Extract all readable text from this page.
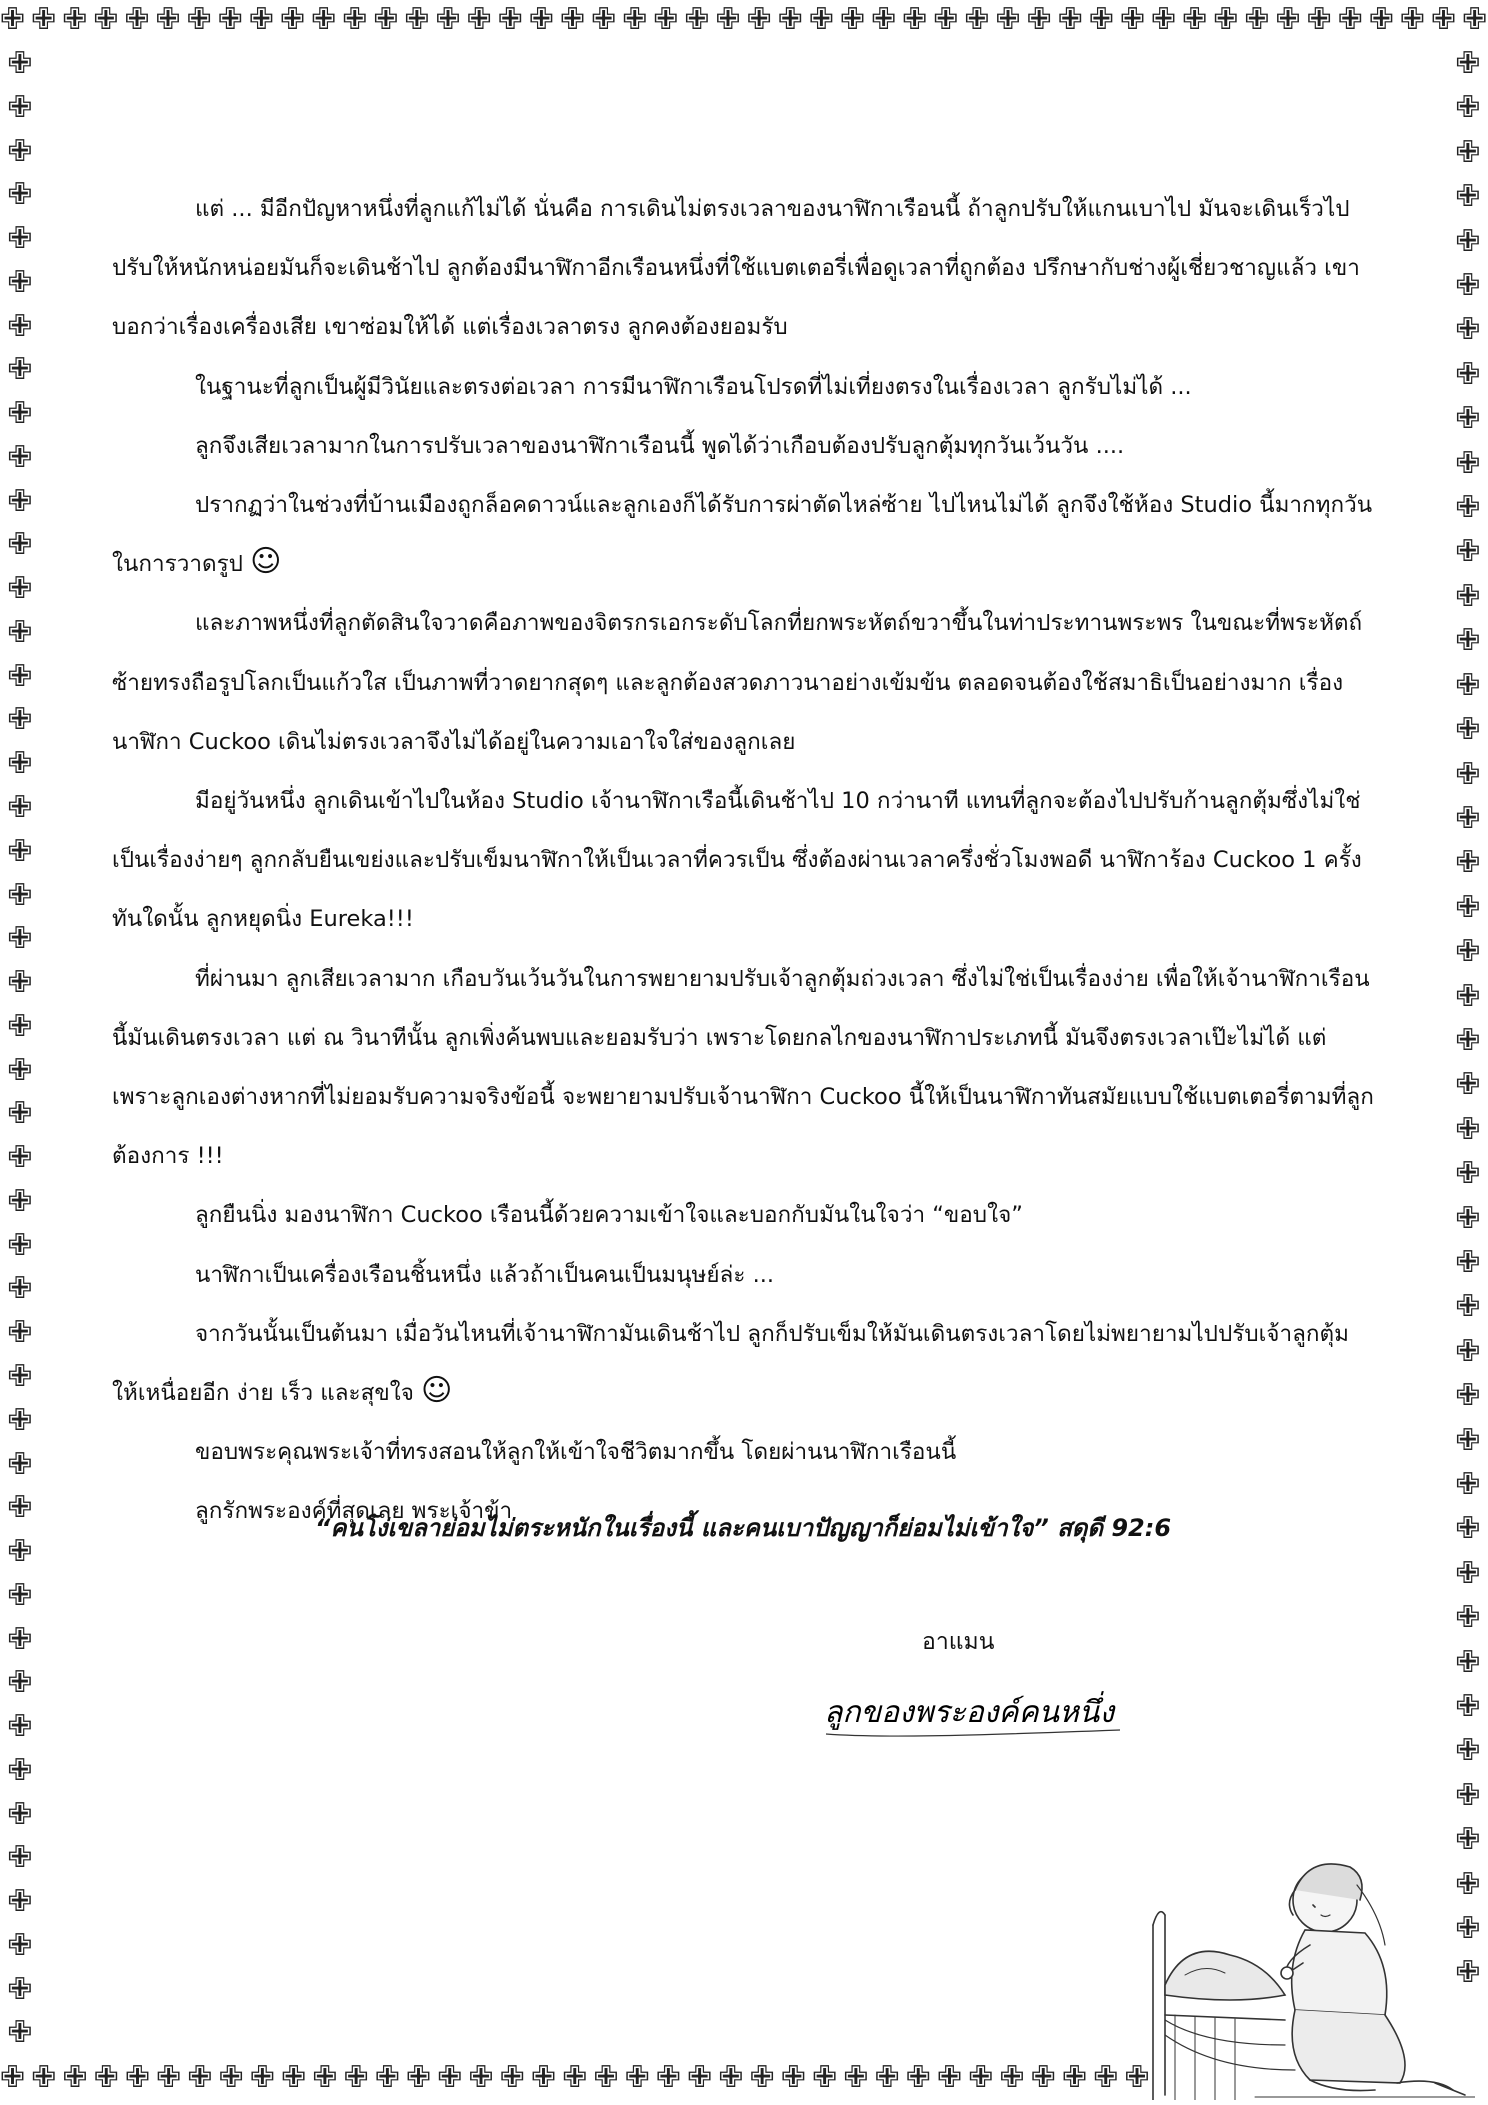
✙ ✙ ✙ ✙ ✙ ✙ ✙ ✙ ✙ ✙ ✙ ✙ ✙ ✙ ✙ ✙ ✙ ✙ ✙ ✙ ✙ ✙ ✙ ✙ ✙ ✙ ✙ ✙ ✙ ✙ ✙ ✙ ✙ ✙ ✙ ✙ ✙ ✙ ✙ ✙ ✙ ✙ ✙ ✙ ✙ ✙ ✙ ✙
✙
✙
✙
✙
✙
✙
✙
✙
✙
✙
✙
✙
✙
✙
✙
✙
✙
✙
✙
✙
✙
✙
✙
✙
✙
✙
✙
✙
✙
✙
✙
✙
✙
✙
✙
✙
✙
✙
✙
✙
✙
✙
✙
✙
✙
✙
✙
✙
✙
✙
✙
✙
✙
✙
✙
✙
✙
✙
✙
✙
✙
✙
✙
✙
✙
✙
✙
✙
✙
✙
✙
✙
✙
✙
✙
✙
✙
✙
✙
✙
✙
✙
✙
✙
✙
✙
✙
✙
✙
✙
✙ ✙ ✙ ✙ ✙ ✙ ✙ ✙ ✙ ✙ ✙ ✙ ✙ ✙ ✙ ✙ ✙ ✙ ✙ ✙ ✙ ✙ ✙ ✙ ✙ ✙ ✙ ✙ ✙ ✙ ✙ ✙ ✙ ✙ ✙ ✙ ✙

แต่ ... มีอีกปัญหาหนึ่งที่ลูกแก้ไม่ได้ นั่นคือ การเดินไม่ตรงเวลาของนาฬิกาเรือนนี้ ถ้าลูกปรับให้แกนเบาไป มันจะเดินเร็วไป ปรับให้หนักหน่อยมันก็จะเดินช้าไป ลูกต้องมีนาฬิกาอีกเรือนหนึ่งที่ใช้แบตเตอรี่เพื่อดูเวลาที่ถูกต้อง ปรึกษากับช่างผู้เชี่ยวชาญแล้ว เขาบอกว่าเรื่องเครื่องเสีย เขาซ่อมให้ได้ แต่เรื่องเวลาตรง ลูกคงต้องยอมรับ

ในฐานะที่ลูกเป็นผู้มีวินัยและตรงต่อเวลา การมีนาฬิกาเรือนโปรดที่ไม่เที่ยงตรงในเรื่องเวลา ลูกรับไม่ได้ ...

ลูกจึงเสียเวลามากในการปรับเวลาของนาฬิกาเรือนนี้ พูดได้ว่าเกือบต้องปรับลูกตุ้มทุกวันเว้นวัน ....

ปรากฏว่าในช่วงที่บ้านเมืองถูกล็อคดาวน์และลูกเองก็ได้รับการผ่าตัดไหล่ซ้าย ไปไหนไม่ได้ ลูกจึงใช้ห้อง Studio นี้มากทุกวันในการวาดรูป ☺

และภาพหนึ่งที่ลูกตัดสินใจวาดคือภาพของจิตรกรเอกระดับโลกที่ยกพระหัตถ์ขวาขึ้นในท่าประทานพระพร ในขณะที่พระหัตถ์ซ้ายทรงถือรูปโลกเป็นแก้วใส เป็นภาพที่วาดยากสุดๆ และลูกต้องสวดภาวนาอย่างเข้มข้น ตลอดจนต้องใช้สมาธิเป็นอย่างมาก เรื่องนาฬิกา Cuckoo เดินไม่ตรงเวลาจึงไม่ได้อยู่ในความเอาใจใส่ของลูกเลย

มีอยู่วันหนึ่ง ลูกเดินเข้าไปในห้อง Studio เจ้านาฬิกาเรือนี้เดินช้าไป 10 กว่านาที แทนที่ลูกจะต้องไปปรับก้านลูกตุ้มซึ่งไม่ใช่เป็นเรื่องง่ายๆ ลูกกลับยืนเขย่งและปรับเข็มนาฬิกาให้เป็นเวลาที่ควรเป็น ซึ่งต้องผ่านเวลาครึ่งชั่วโมงพอดี นาฬิการ้อง Cuckoo 1 ครั้ง ทันใดนั้น ลูกหยุดนิ่ง Eureka!!!

ที่ผ่านมา ลูกเสียเวลามาก เกือบวันเว้นวันในการพยายามปรับเจ้าลูกตุ้มถ่วงเวลา ซึ่งไม่ใช่เป็นเรื่องง่าย เพื่อให้เจ้านาฬิกาเรือนนี้มันเดินตรงเวลา แต่ ณ วินาทีนั้น ลูกเพิ่งค้นพบและยอมรับว่า เพราะโดยกลไกของนาฬิกาประเภทนี้ มันจึงตรงเวลาเป๊ะไม่ได้ แต่เพราะลูกเองต่างหากที่ไม่ยอมรับความจริงข้อนี้ จะพยายามปรับเจ้านาฬิกา Cuckoo นี้ให้เป็นนาฬิกาทันสมัยแบบใช้แบตเตอรี่ตามที่ลูกต้องการ !!!

ลูกยืนนิ่ง มองนาฬิกา Cuckoo เรือนนี้ด้วยความเข้าใจและบอกกับมันในใจว่า “ขอบใจ”

นาฬิกาเป็นเครื่องเรือนชิ้นหนึ่ง แล้วถ้าเป็นคนเป็นมนุษย์ล่ะ ...

จากวันนั้นเป็นต้นมา เมื่อวันไหนที่เจ้านาฬิกามันเดินช้าไป ลูกก็ปรับเข็มให้มันเดินตรงเวลาโดยไม่พยายามไปปรับเจ้าลูกตุ้มให้เหนื่อยอีก ง่าย เร็ว และสุขใจ ☺

ขอบพระคุณพระเจ้าที่ทรงสอนให้ลูกให้เข้าใจชีวิตมากขึ้น โดยผ่านนาฬิกาเรือนนี้

ลูกรักพระองค์ที่สุดเลย พระเจ้าข้า

“คนโง่เขลาย่อมไม่ตระหนักในเรื่องนี้ และคนเบาปัญญาก็ย่อมไม่เข้าใจ” สดุดี 92:6
อาแมน
ลูกของพระองค์คนหนึ่ง
